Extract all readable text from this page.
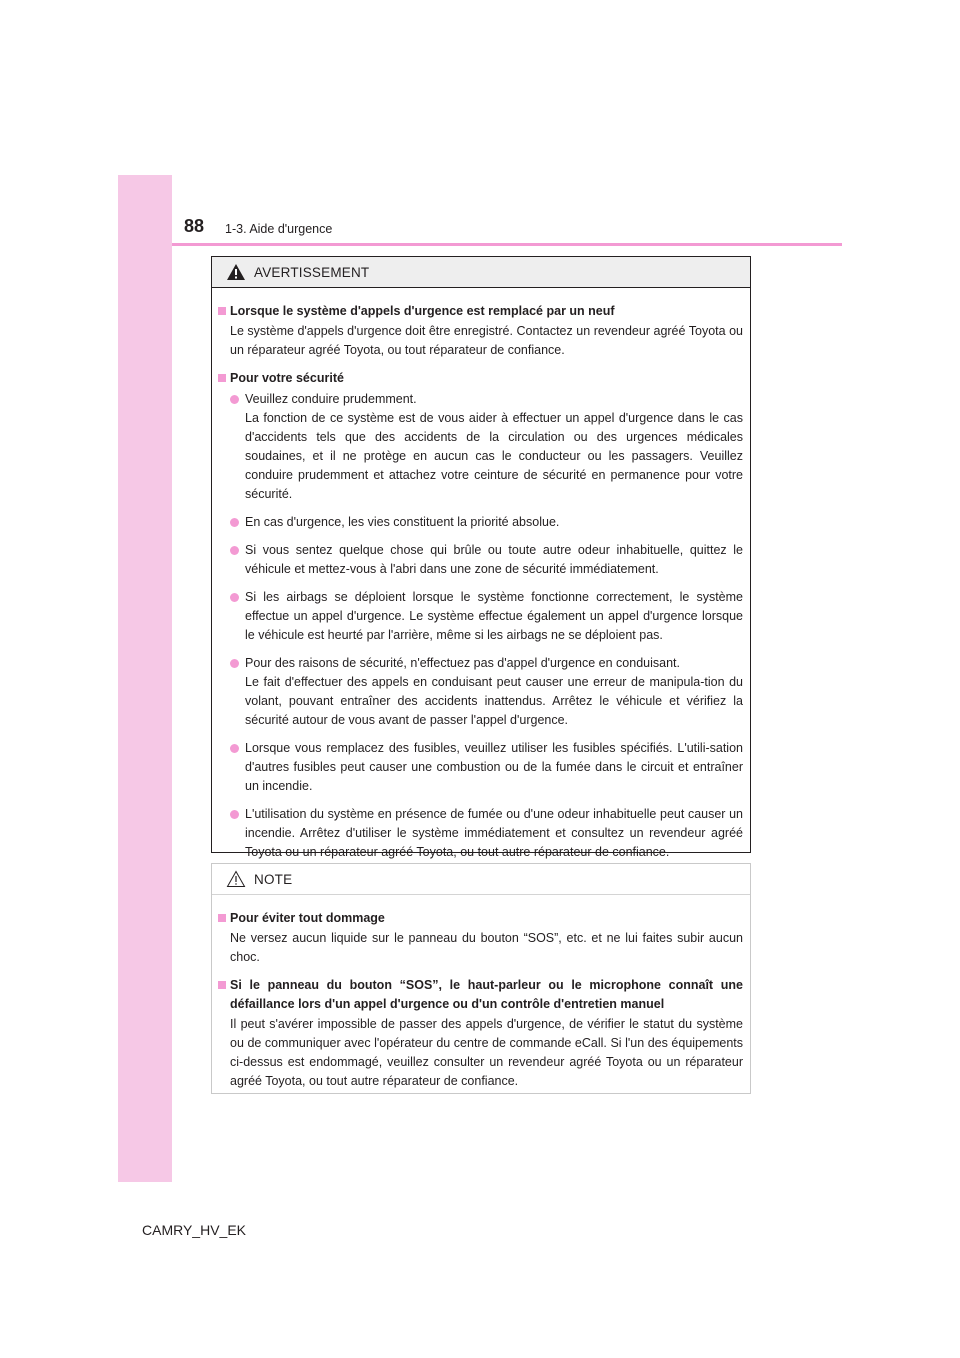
88 1-3. Aide d'urgence
AVERTISSEMENT
Lorsque le système d'appels d'urgence est remplacé par un neuf

Le système d'appels d'urgence doit être enregistré. Contactez un revendeur agréé Toyota ou un réparateur agréé Toyota, ou tout réparateur de confiance.

Pour votre sécurité
Veuillez conduire prudemment.
La fonction de ce système est de vous aider à effectuer un appel d'urgence dans le cas d'accidents tels que des accidents de la circulation ou des urgences médicales soudaines, et il ne protège en aucun cas le conducteur ou les passagers. Veuillez conduire prudemment et attachez votre ceinture de sécurité en permanence pour votre sécurité.
En cas d'urgence, les vies constituent la priorité absolue.
Si vous sentez quelque chose qui brûle ou toute autre odeur inhabituelle, quittez le véhicule et mettez-vous à l'abri dans une zone de sécurité immédiatement.
Si les airbags se déploient lorsque le système fonctionne correctement, le système effectue un appel d'urgence. Le système effectue également un appel d'urgence lorsque le véhicule est heurté par l'arrière, même si les airbags ne se déploient pas.
Pour des raisons de sécurité, n'effectuez pas d'appel d'urgence en conduisant.
Le fait d'effectuer des appels en conduisant peut causer une erreur de manipula-tion du volant, pouvant entraîner des accidents inattendus. Arrêtez le véhicule et vérifiez la sécurité autour de vous avant de passer l'appel d'urgence.
Lorsque vous remplacez des fusibles, veuillez utiliser les fusibles spécifiés. L'utili-sation d'autres fusibles peut causer une combustion ou de la fumée dans le circuit et entraîner un incendie.
L'utilisation du système en présence de fumée ou d'une odeur inhabituelle peut causer un incendie. Arrêtez d'utiliser le système immédiatement et consultez un revendeur agréé Toyota ou un réparateur agréé Toyota, ou tout autre réparateur de confiance.
NOTE
Pour éviter tout dommage

Ne versez aucun liquide sur le panneau du bouton “SOS”, etc. et ne lui faites subir aucun choc.

Si le panneau du bouton “SOS”, le haut-parleur ou le microphone connaît une défaillance lors d'un appel d'urgence ou d'un contrôle d'entretien manuel

Il peut s'avérer impossible de passer des appels d'urgence, de vérifier le statut du système ou de communiquer avec l'opérateur du centre de commande eCall. Si l'un des équipements ci-dessus est endommagé, veuillez consulter un revendeur agréé Toyota ou un réparateur agréé Toyota, ou tout autre réparateur de confiance.

CAMRY_HV_EK
